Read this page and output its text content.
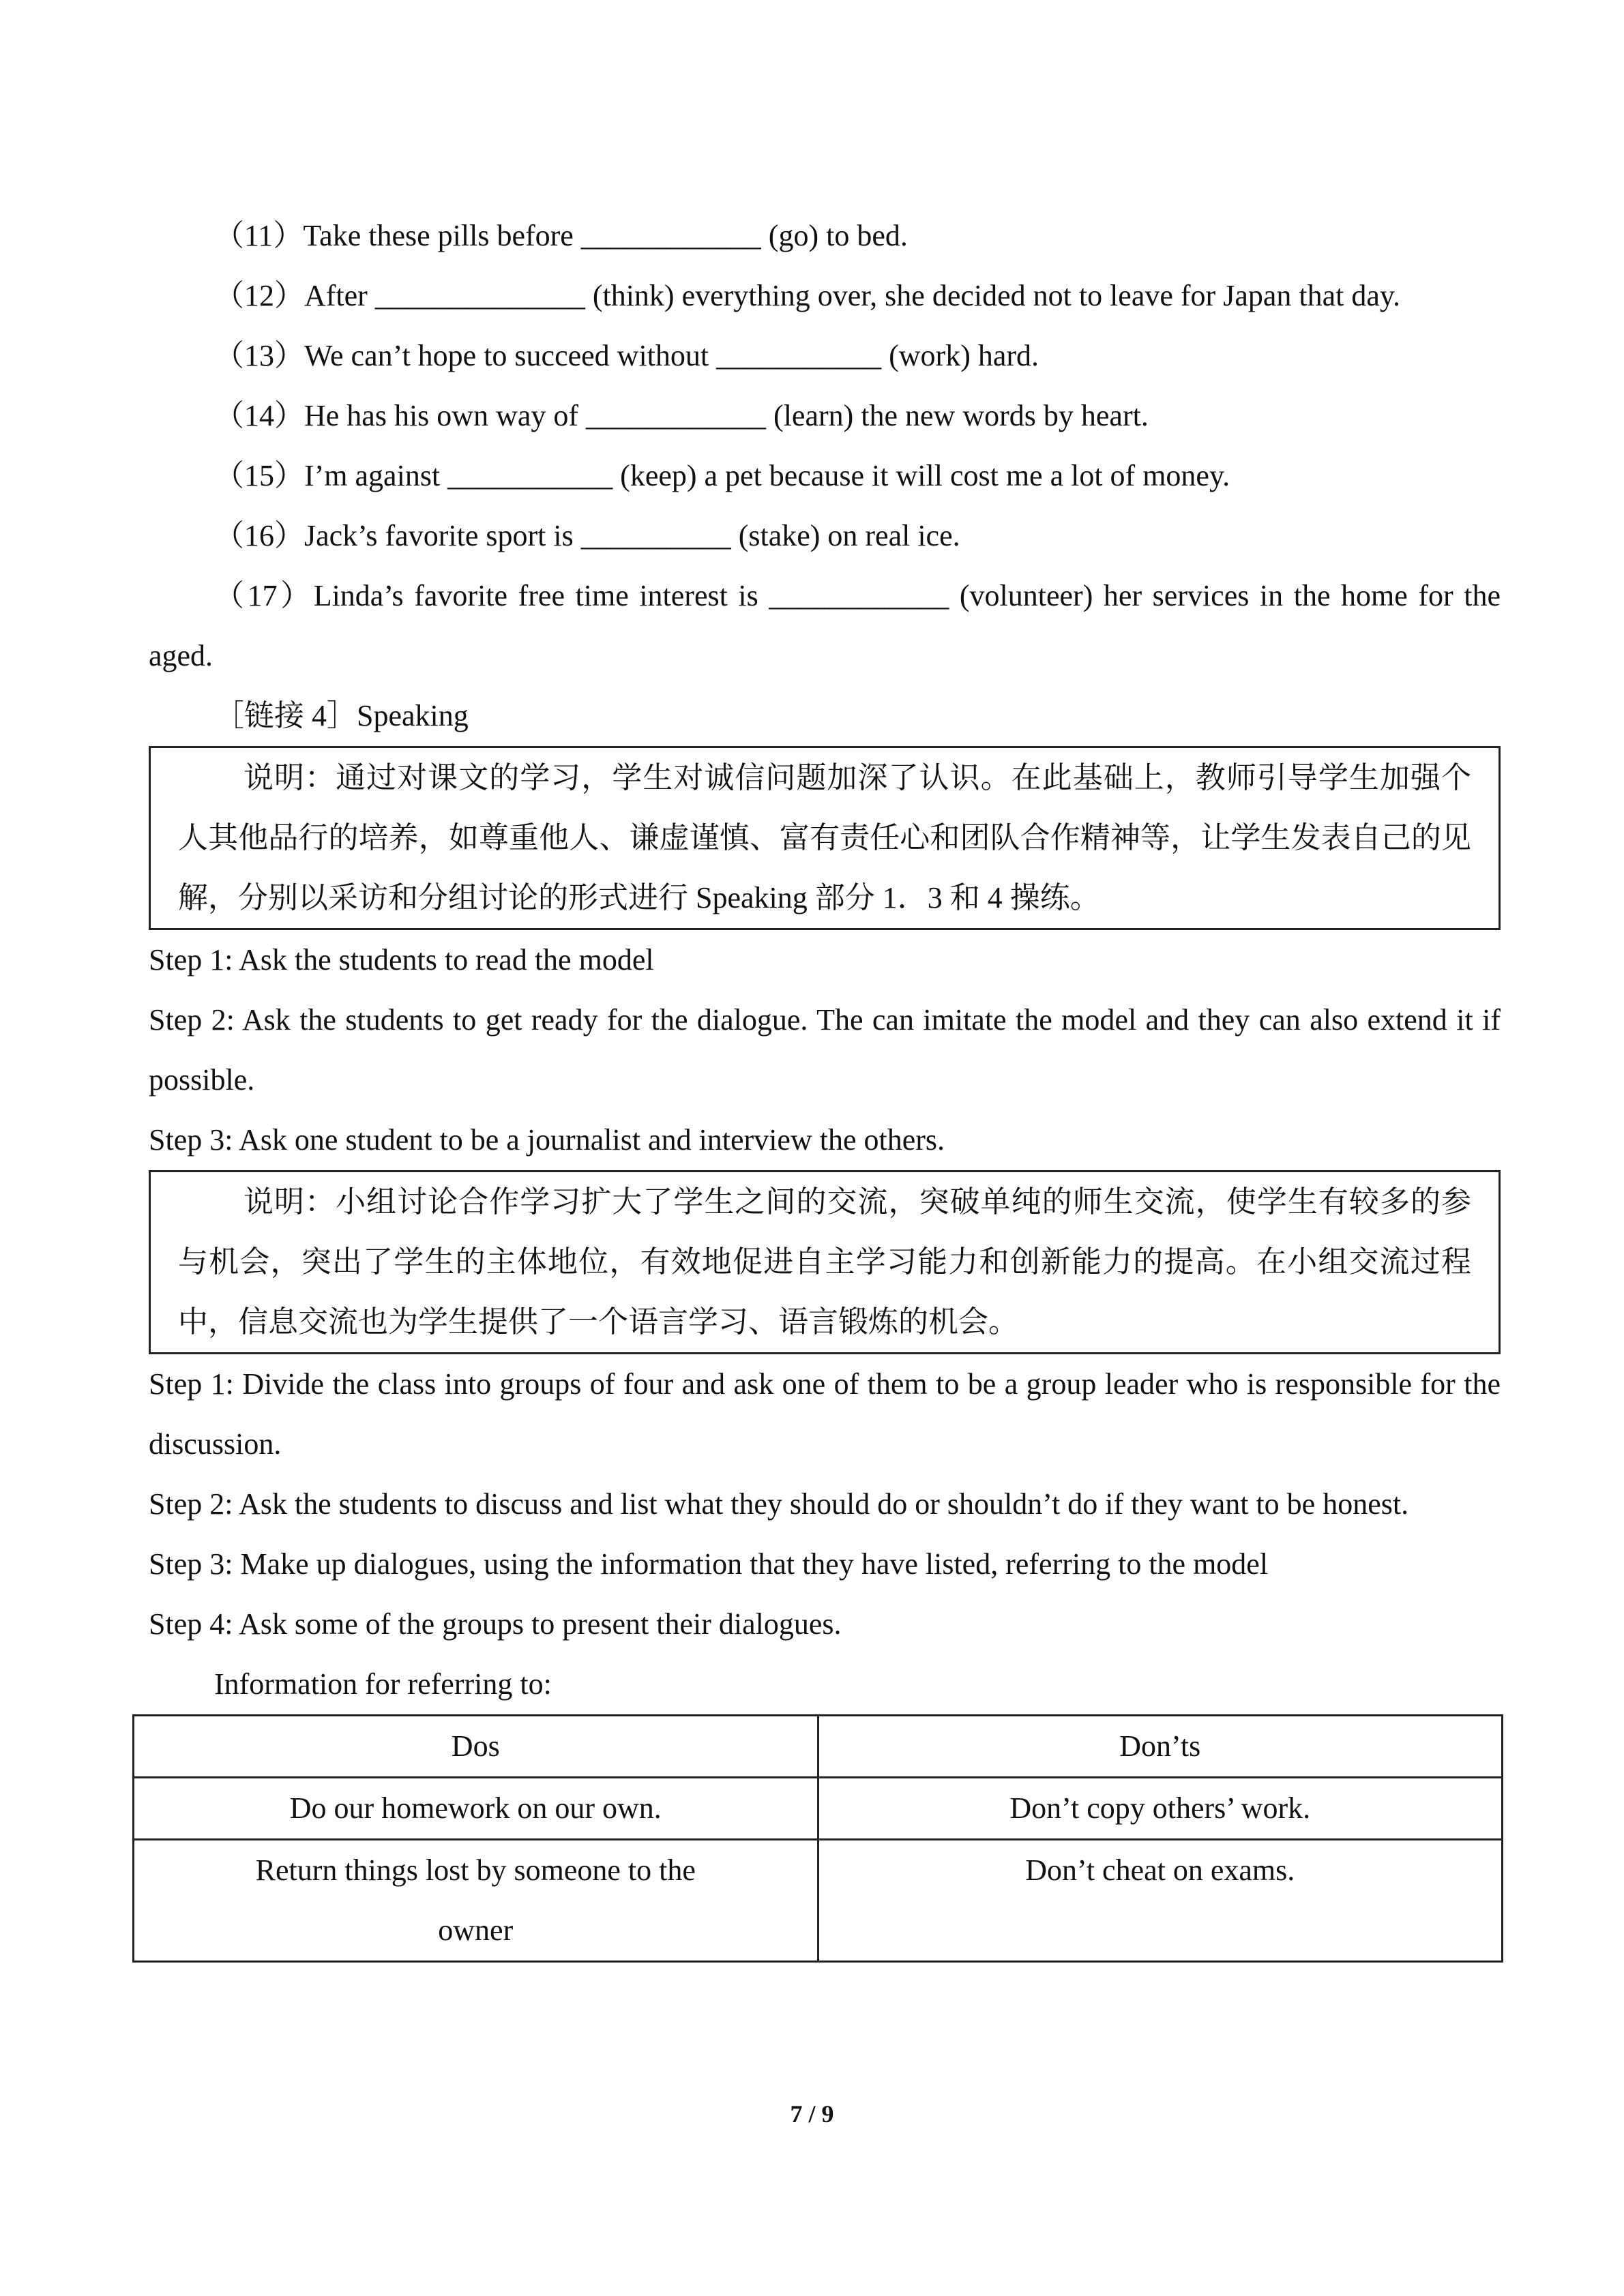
（11）Take these pills before ____________ (go) to bed.

（12）After ______________ (think) everything over, she decided not to leave for Japan that day.

（13）We can’t hope to succeed without ___________ (work) hard.

（14）He has his own way of ____________ (learn) the new words by heart.

（15）I’m against ___________ (keep) a pet because it will cost me a lot of money.

（16）Jack’s favorite sport is __________ (stake) on real ice.

（17）Linda’s favorite free time interest is ____________ (volunteer) her services in the home for the aged.

［链接 4］Speaking

说明：通过对课文的学习，学生对诚信问题加深了认识。在此基础上，教师引导学生加强个人其他品行的培养，如尊重他人、谦虚谨慎、富有责任心和团队合作精神等，让学生发表自己的见解，分别以采访和分组讨论的形式进行 Speaking 部分 1．3 和 4 操练。

Step 1: Ask the students to read the model

Step 2: Ask the students to get ready for the dialogue. The can imitate the model and they can also extend it if possible.

Step 3: Ask one student to be a journalist and interview the others.

说明：小组讨论合作学习扩大了学生之间的交流，突破单纯的师生交流，使学生有较多的参与机会，突出了学生的主体地位，有效地促进自主学习能力和创新能力的提高。在小组交流过程中，信息交流也为学生提供了一个语言学习、语言锻炼的机会。

Step 1: Divide the class into groups of four and ask one of them to be a group leader who is responsible for the discussion.

Step 2: Ask the students to discuss and list what they should do or shouldn’t do if they want to be honest.

Step 3: Make up dialogues, using the information that they have listed, referring to the model

Step 4: Ask some of the groups to present their dialogues.

Information for referring to:

Dos	Don’ts
Do our homework on our own.	Don’t copy others’ work.
Return things lost by someone to the owner	Don’t cheat on exams.
7 / 9
